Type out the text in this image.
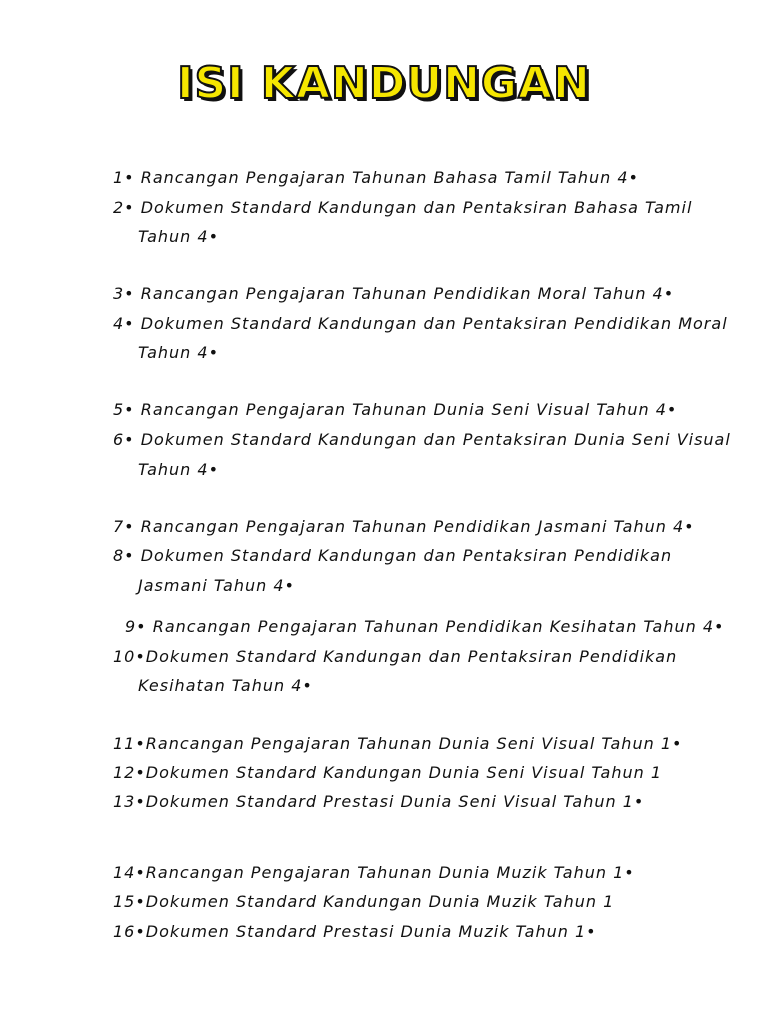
ISI KANDUNGAN

1• Rancangan Pengajaran Tahunan Bahasa Tamil Tahun 4•

2• Dokumen Standard Kandungan dan Pentaksiran Bahasa Tamil

Tahun 4•

3• Rancangan Pengajaran Tahunan Pendidikan Moral Tahun 4•

4• Dokumen Standard Kandungan dan Pentaksiran Pendidikan Moral

Tahun 4•

5• Rancangan Pengajaran Tahunan Dunia Seni Visual Tahun 4•

6• Dokumen Standard Kandungan dan Pentaksiran Dunia Seni Visual

Tahun 4•

7• Rancangan Pengajaran Tahunan Pendidikan Jasmani Tahun 4•

8• Dokumen Standard Kandungan dan Pentaksiran Pendidikan

Jasmani Tahun 4•

9• Rancangan Pengajaran Tahunan Pendidikan Kesihatan Tahun 4•

10•Dokumen Standard Kandungan dan Pentaksiran Pendidikan

Kesihatan Tahun 4•

11•Rancangan Pengajaran Tahunan Dunia Seni Visual Tahun 1•

12•Dokumen Standard Kandungan Dunia Seni Visual Tahun 1

13•Dokumen Standard Prestasi Dunia Seni Visual Tahun 1•

14•Rancangan Pengajaran Tahunan Dunia Muzik Tahun 1•

15•Dokumen Standard Kandungan Dunia Muzik Tahun 1

16•Dokumen Standard Prestasi Dunia Muzik Tahun 1•
